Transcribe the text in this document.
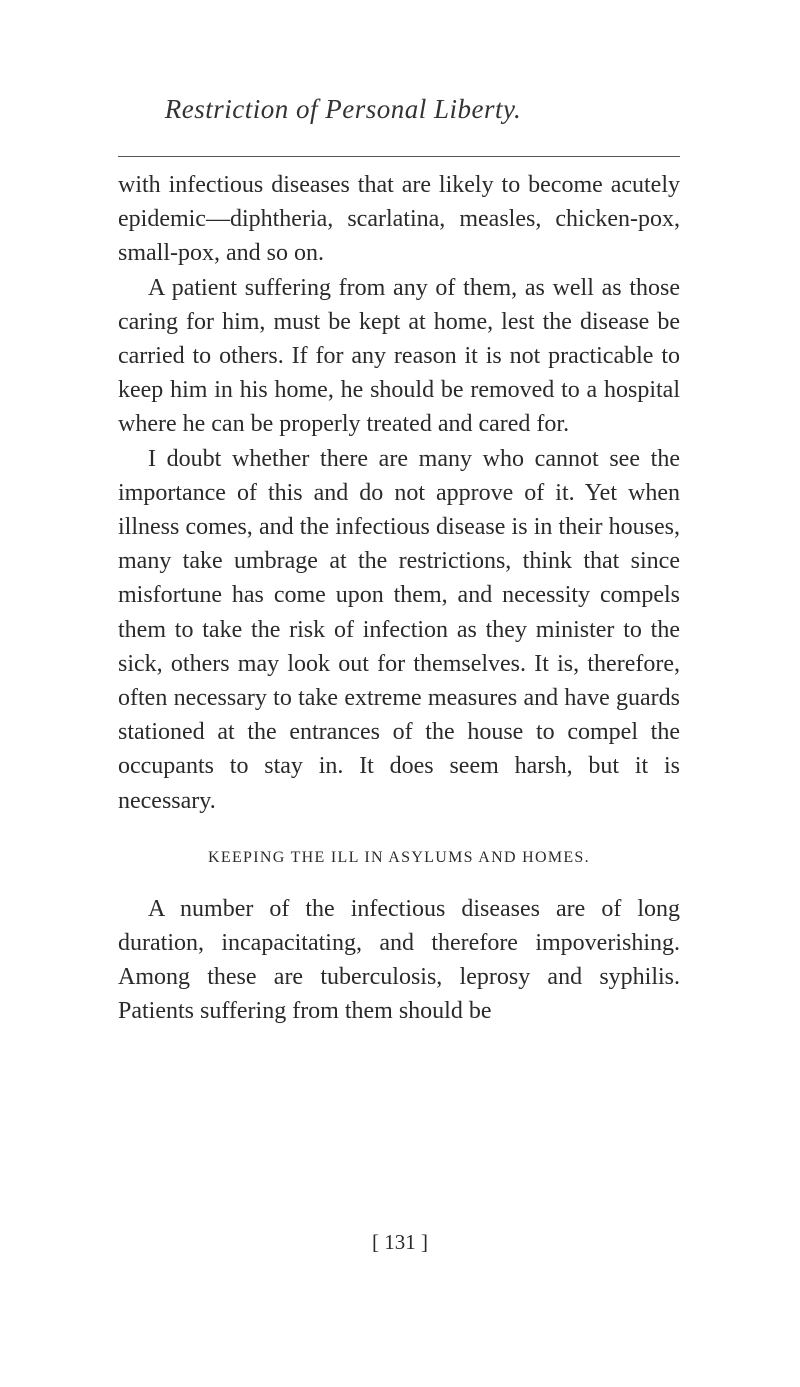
Restriction of Personal Liberty.

with infectious diseases that are likely to become acutely epidemic—diphtheria, scarlatina, measles, chicken-pox, small-pox, and so on.

A patient suffering from any of them, as well as those caring for him, must be kept at home, lest the disease be carried to others. If for any reason it is not practicable to keep him in his home, he should be removed to a hospital where he can be properly treated and cared for.

I doubt whether there are many who cannot see the importance of this and do not approve of it. Yet when illness comes, and the infectious disease is in their houses, many take umbrage at the restrictions, think that since misfortune has come upon them, and necessity compels them to take the risk of infection as they minister to the sick, others may look out for themselves. It is, therefore, often necessary to take extreme measures and have guards stationed at the entrances of the house to compel the occupants to stay in. It does seem harsh, but it is necessary.

KEEPING THE ILL IN ASYLUMS AND HOMES.

A number of the infectious diseases are of long duration, incapacitating, and therefore impoverishing. Among these are tuberculosis, leprosy and syphilis. Patients suffering from them should be

[ 131 ]
